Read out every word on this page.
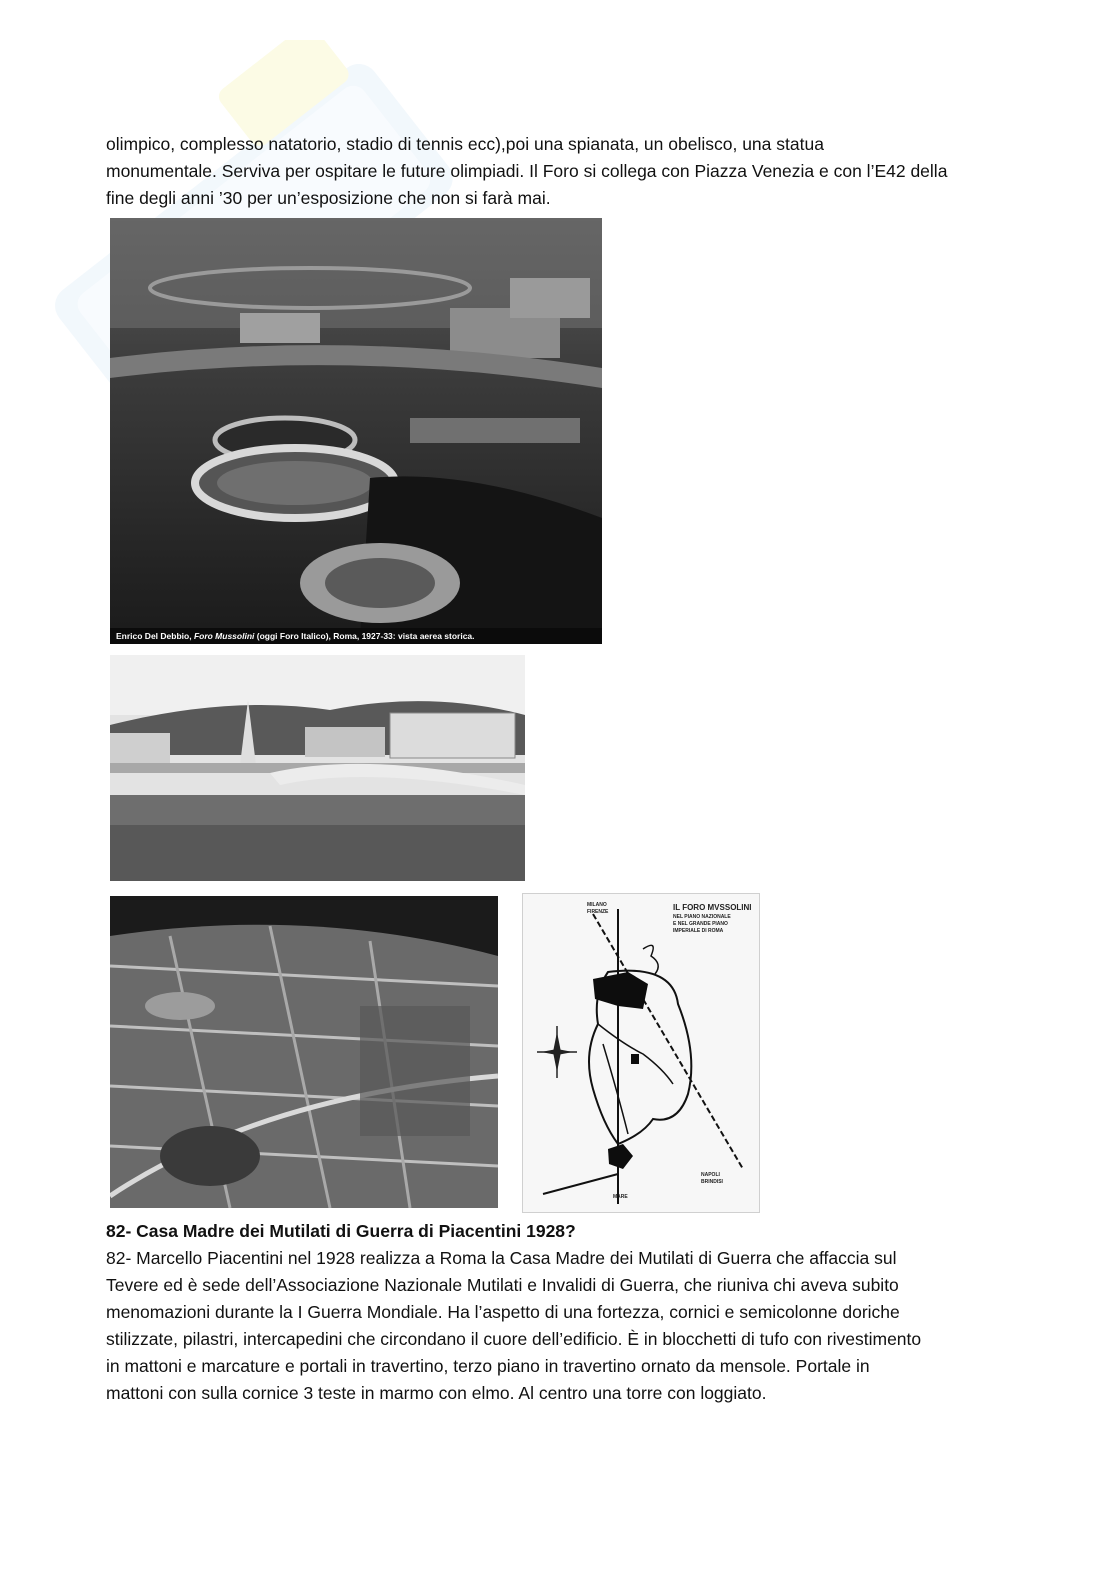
olimpico, complesso natatorio, stadio di tennis ecc),poi una spianata, un obelisco, una statua
monumentale. Serviva per ospitare le future olimpiadi. Il Foro si collega con Piazza Venezia e con l’E42 della
fine degli anni ’30 per un’esposizione che non si farà mai.

Enrico Del Debbio, Foro Mussolini (oggi Foro Italico), Roma, 1927-33: vista aerea storica.
IL FORO MVSSOLINI
NEL PIANO NAZIONALE
E NEL GRANDE PIANO
IMPERIALE DI ROMA
MILANO
FIRENZE
NAPOLI
BRINDISI
MARE
82- Casa Madre dei Mutilati di Guerra di Piacentini 1928?

82- Marcello Piacentini nel 1928 realizza a Roma la Casa Madre dei Mutilati di Guerra che affaccia sul
Tevere ed è sede dell’Associazione Nazionale Mutilati e Invalidi di Guerra, che riuniva chi aveva subito
menomazioni durante la I Guerra Mondiale. Ha l’aspetto di una fortezza, cornici e semicolonne doriche
stilizzate, pilastri, intercapedini che circondano il cuore dell’edificio. È in blocchetti di tufo con rivestimento
in mattoni e marcature e portali in travertino, terzo piano in travertino ornato da mensole. Portale in
mattoni con sulla cornice 3 teste in marmo con elmo. Al centro una torre con loggiato.
